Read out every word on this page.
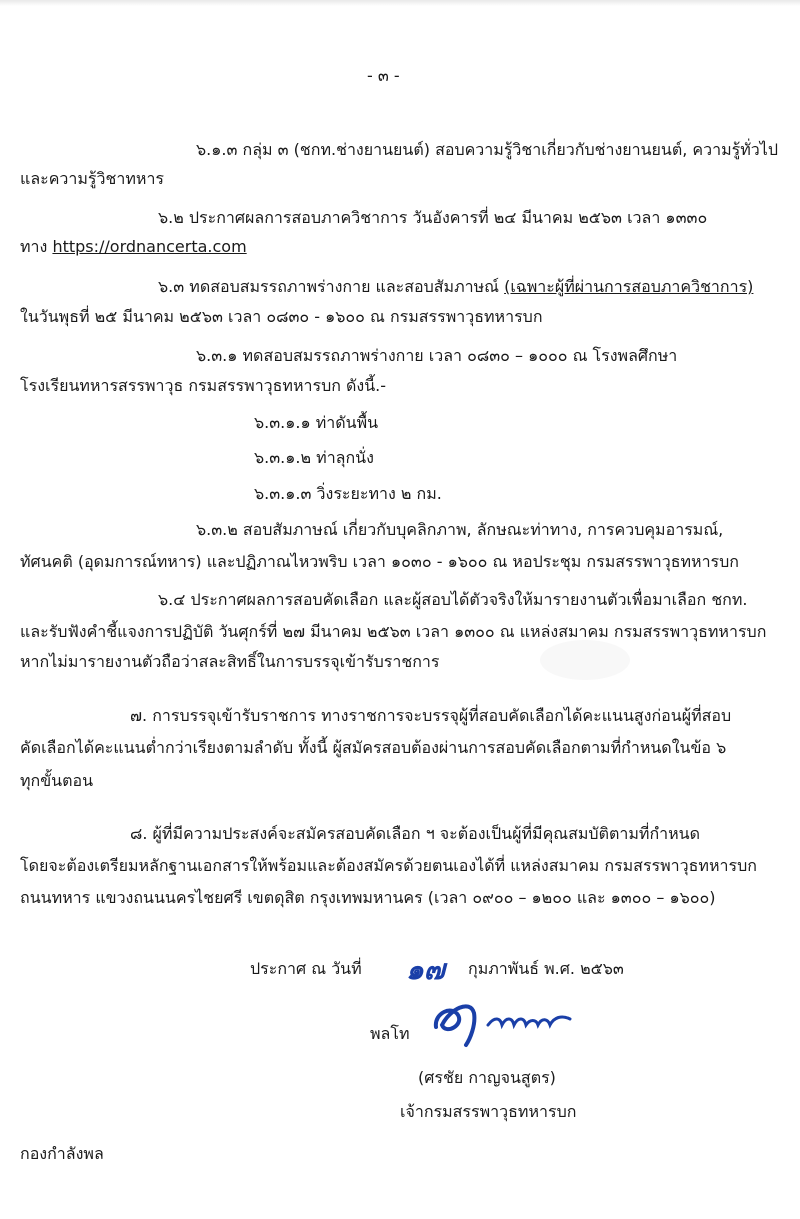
- ๓ -
๖.๑.๓ กลุ่ม ๓ (ชกท.ช่างยานยนต์) สอบความรู้วิชาเกี่ยวกับช่างยานยนต์, ความรู้ทั่วไป
และความรู้วิชาทหาร
๖.๒ ประกาศผลการสอบภาควิชาการ วันอังคารที่ ๒๔ มีนาคม ๒๕๖๓ เวลา ๑๓๓๐
ทาง https://ordnancerta.com
๖.๓ ทดสอบสมรรถภาพร่างกาย และสอบสัมภาษณ์ (เฉพาะผู้ที่ผ่านการสอบภาควิชาการ)
ในวันพุธที่ ๒๕ มีนาคม ๒๕๖๓ เวลา ๐๘๓๐ - ๑๖๐๐ ณ กรมสรรพาวุธทหารบก
๖.๓.๑ ทดสอบสมรรถภาพร่างกาย เวลา ๐๘๓๐ – ๑๐๐๐ ณ โรงพลศึกษา
โรงเรียนทหารสรรพาวุธ กรมสรรพาวุธทหารบก ดังนี้.-
๖.๓.๑.๑ ท่าดันพื้น
๖.๓.๑.๒ ท่าลุกนั่ง
๖.๓.๑.๓ วิ่งระยะทาง ๒ กม.
๖.๓.๒ สอบสัมภาษณ์ เกี่ยวกับบุคลิกภาพ, ลักษณะท่าทาง, การควบคุมอารมณ์,
ทัศนคติ (อุดมการณ์ทหาร) และปฏิภาณไหวพริบ เวลา ๑๐๓๐ - ๑๖๐๐ ณ หอประชุม กรมสรรพาวุธทหารบก
๖.๔ ประกาศผลการสอบคัดเลือก และผู้สอบได้ตัวจริงให้มารายงานตัวเพื่อมาเลือก ชกท.
และรับฟังคำชี้แจงการปฏิบัติ วันศุกร์ที่ ๒๗ มีนาคม ๒๕๖๓ เวลา ๑๓๐๐ ณ แหล่งสมาคม กรมสรรพาวุธทหารบก
หากไม่มารายงานตัวถือว่าสละสิทธิ์ในการบรรจุเข้ารับราชการ
๗. การบรรจุเข้ารับราชการ ทางราชการจะบรรจุผู้ที่สอบคัดเลือกได้คะแนนสูงก่อนผู้ที่สอบ
คัดเลือกได้คะแนนต่ำกว่าเรียงตามลำดับ ทั้งนี้ ผู้สมัครสอบต้องผ่านการสอบคัดเลือกตามที่กำหนดในข้อ ๖
ทุกขั้นตอน
๘. ผู้ที่มีความประสงค์จะสมัครสอบคัดเลือก ฯ จะต้องเป็นผู้ที่มีคุณสมบัติตามที่กำหนด
โดยจะต้องเตรียมหลักฐานเอกสารให้พร้อมและต้องสมัครด้วยตนเองได้ที่ แหล่งสมาคม กรมสรรพาวุธทหารบก
ถนนทหาร แขวงถนนนครไชยศรี เขตดุสิต กรุงเทพมหานคร (เวลา ๐๙๐๐ – ๑๒๐๐ และ ๑๓๐๐ – ๑๖๐๐)
ประกาศ ณ วันที่ ๑๗ กุมภาพันธ์ พ.ศ. ๒๕๖๓
พลโท
(ศรชัย กาญจนสูตร)
เจ้ากรมสรรพาวุธทหารบก
กองกำลังพล
